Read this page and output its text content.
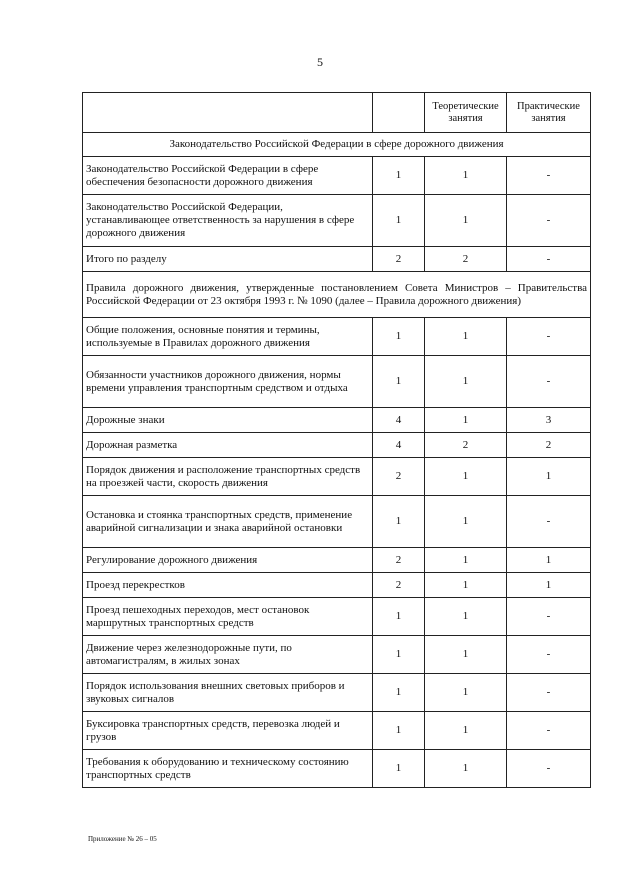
5
		Теоретические занятия	Практические занятия
Законодательство Российской Федерации в сфере дорожного движения			
Законодательство Российской Федерации в сфере обеспечения безопасности дорожного движения	1	1	-
Законодательство Российской Федерации, устанавливающее ответственность за нарушения в сфере дорожного движения	1	1	-
Итого по разделу	2	2	-
Правила дорожного движения, утвержденные постановлением Совета Министров – Правительства Российской Федерации от 23 октября 1993 г. № 1090 (далее – Правила дорожного движения)			
Общие положения, основные понятия и термины, используемые в Правилах дорожного движения	1	1	-
Обязанности участников дорожного движения, нормы времени управления транспортным средством и отдыха	1	1	-
Дорожные знаки	4	1	3
Дорожная разметка	4	2	2
Порядок движения и расположение транспортных средств на проезжей части, скорость движения	2	1	1
Остановка и стоянка транспортных средств, применение аварийной сигнализации и знака аварийной остановки	1	1	-
Регулирование дорожного движения	2	1	1
Проезд перекрестков	2	1	1
Проезд пешеходных переходов, мест остановок маршрутных транспортных средств	1	1	-
Движение через железнодорожные пути, по автомагистралям, в жилых зонах	1	1	-
Порядок использования внешних световых приборов и звуковых сигналов	1	1	-
Буксировка транспортных средств, перевозка людей и грузов	1	1	-
Требования к оборудованию и техническому состоянию транспортных средств	1	1	-
Приложение № 26 – 05
